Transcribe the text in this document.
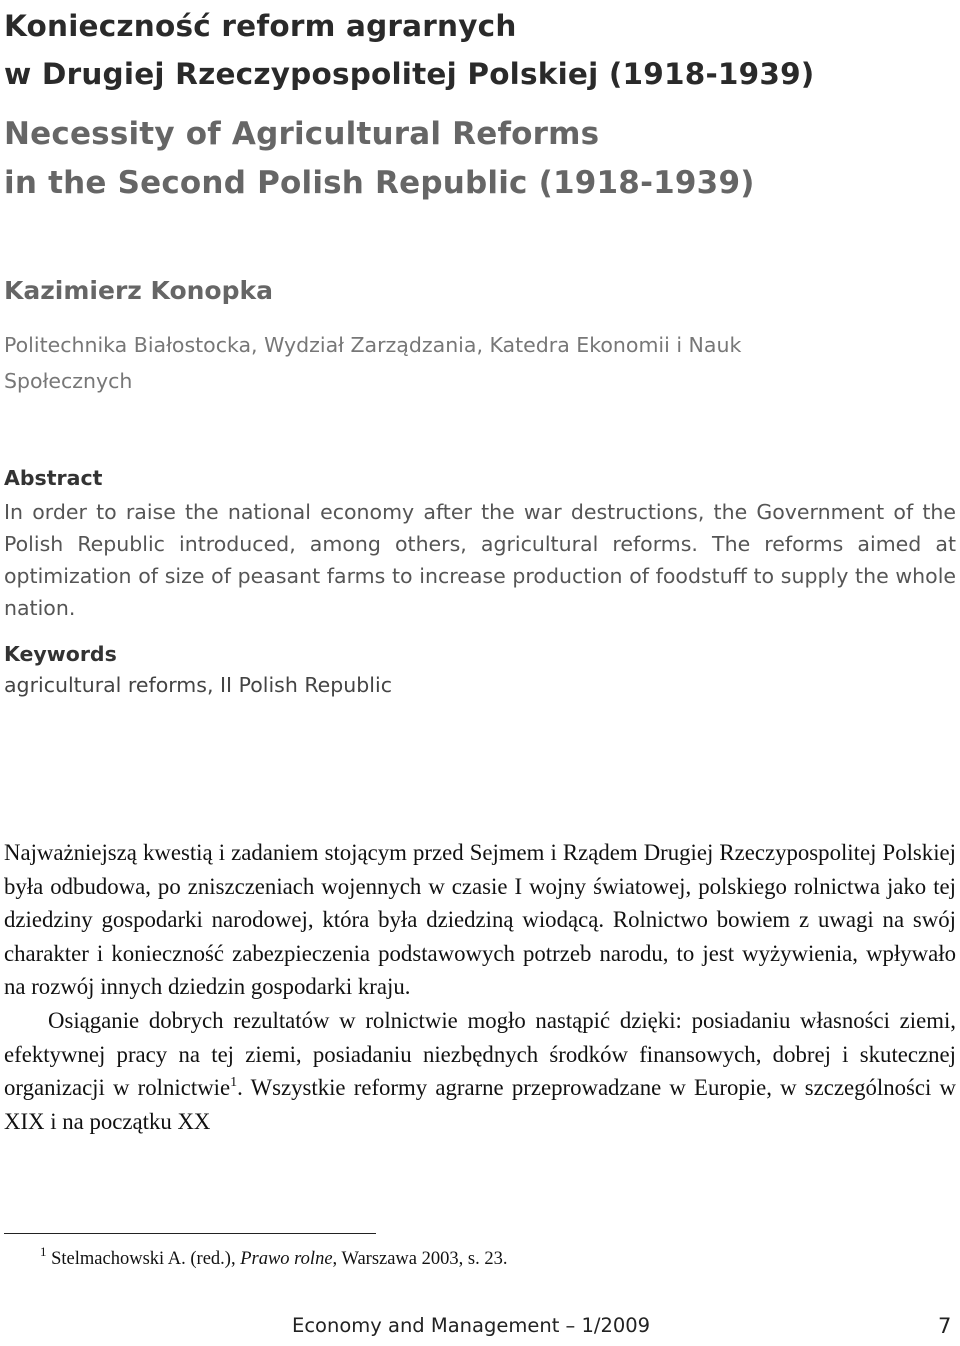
Konieczność reform agrarnych
w Drugiej Rzeczypospolitej Polskiej (1918-1939)
Necessity of Agricultural Reforms
in the Second Polish Republic (1918-1939)
Kazimierz Konopka
Politechnika Białostocka, Wydział Zarządzania, Katedra Ekonomii i Nauk
Społecznych
Abstract
In order to raise the national economy after the war destructions, the Government of the Polish Republic introduced, among others, agricultural reforms. The reforms aimed at optimization of size of peasant farms to increase production of foodstuff to supply the whole nation.
Keywords
agricultural reforms, II Polish Republic

Najważniejszą kwestią i zadaniem stojącym przed Sejmem i Rządem Drugiej Rzeczypospolitej Polskiej była odbudowa, po zniszczeniach wojennych w czasie I wojny światowej, polskiego rolnictwa jako tej dziedziny gospodarki narodowej, która była dziedziną wiodącą. Rolnictwo bowiem z uwagi na swój charakter i konieczność zabezpieczenia podstawowych potrzeb narodu, to jest wyżywienia, wpływało na rozwój innych dziedzin gospodarki kraju.

Osiąganie dobrych rezultatów w rolnictwie mogło nastąpić dzięki: posiadaniu własności ziemi, efektywnej pracy na tej ziemi, posiadaniu niezbędnych środków finansowych, dobrej i skutecznej organizacji w rolnictwie$^1$. Wszystkie reformy agrarne przeprowadzane w Europie, w szczególności w XIX i na początku XX

$^1$ Stelmachowski A. (red.), Prawo rolne, Warszawa 2003, s. 23.
Economy and Management – 1/2009	7
